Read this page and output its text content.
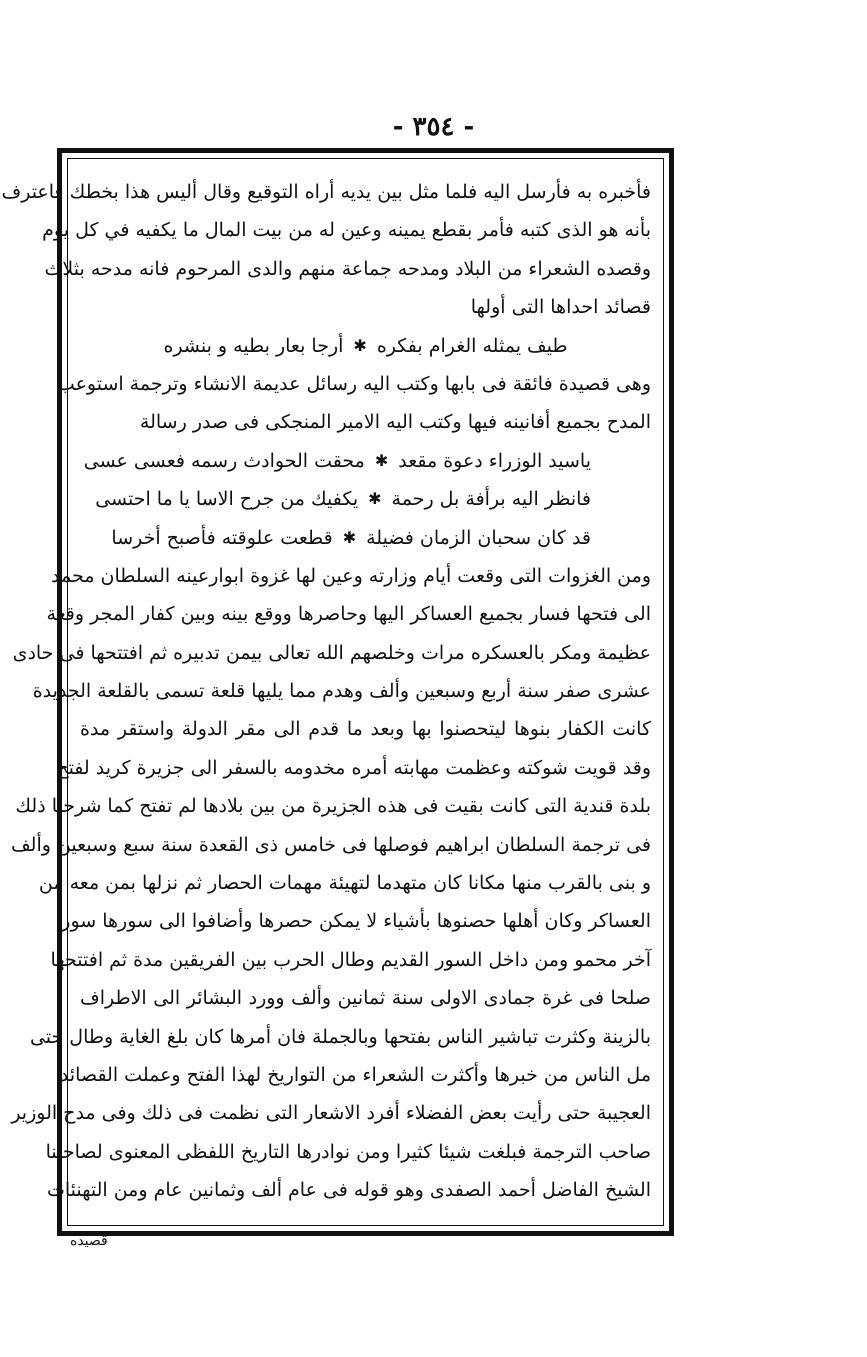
- ٣٥٤ -
فأخبره به فأرسل اليه فلما مثل بين يديه أراه التوقيع وقال أليس هذا بخطك فاعترف
بأنه هو الذى كتبه فأمر بقطع يمينه وعين له من بيت المال ما يكفيه في كل يوم
وقصده الشعراء من البلاد ومدحه جماعة منهم والدى المرحوم فانه مدحه بثلاث
قصائد احداها التى أولها
طيف يمثله الغرام بفكره
✱
أرجا بعار بطيه و بنشره
وهى قصيدة فائقة فى بابها وكتب اليه رسائل عديمة الانشاء وترجمة استوعب
المدح بجميع أفانينه فيها وكتب اليه الامير المنجكى فى صدر رسالة
ياسيد الوزراء دعوة مقعد
✱
محقت الحوادث رسمه فعسى عسى
فانظر اليه برأفة بل رحمة
✱
يكفيك من جرح الاسا يا ما احتسى
قد كان سحبان الزمان فضيلة
✱
قطعت علوقته فأصبح أخرسا
ومن الغزوات التى وقعت أيام وزارته وعين لها غزوة ابوارعينه السلطان محمد
الى فتحها فسار بجميع العساكر اليها وحاصرها ووقع بينه وبين كفار المجر وقعة
عظيمة ومكر بالعسكره مرات وخلصهم الله تعالى بيمن تدبيره ثم افتتحها فى حادى
عشرى صفر سنة أربع وسبعين وألف وهدم مما يليها قلعة تسمى بالقلعة الجديدة
كانت الكفار بنوها ليتحصنوا بها وبعد ما قدم الى مقر الدولة واستقر مدة
وقد قويت شوكته وعظمت مهابته أمره مخدومه بالسفر الى جزيرة كريد لفتح
بلدة قندية التى كانت بقيت فى هذه الجزيرة من بين بلادها لم تفتح كما شرحنا ذلك
فى ترجمة السلطان ابراهيم فوصلها فى خامس ذى القعدة سنة سبع وسبعين وألف
و بنى بالقرب منها مكانا كان متهدما لتهيئة مهمات الحصار ثم نزلها بمن معه من
العساكر وكان أهلها حصنوها بأشياء لا يمكن حصرها وأضافوا الى سورها سورا
آخر محمو ومن داخل السور القديم وطال الحرب بين الفريقين مدة ثم افتتحها
صلحا فى غرة جمادى الاولى سنة ثمانين وألف وورد البشائر الى الاطراف
بالزينة وكثرت تباشير الناس بفتحها وبالجملة فان أمرها كان بلغ الغاية وطال حتى
مل الناس من خبرها وأكثرت الشعراء من التواريخ لهذا الفتح وعملت القصائد
العجيبة حتى رأيت بعض الفضلاء أفرد الاشعار التى نظمت فى ذلك وفى مدح الوزير
صاحب الترجمة فبلغت شيئا كثيرا ومن نوادرها التاريخ اللفظى المعنوى لصاحبنا
الشيخ الفاضل أحمد الصفدى وهو قوله فى عام ألف وثمانين عام ومن التهنئات
قصيده
